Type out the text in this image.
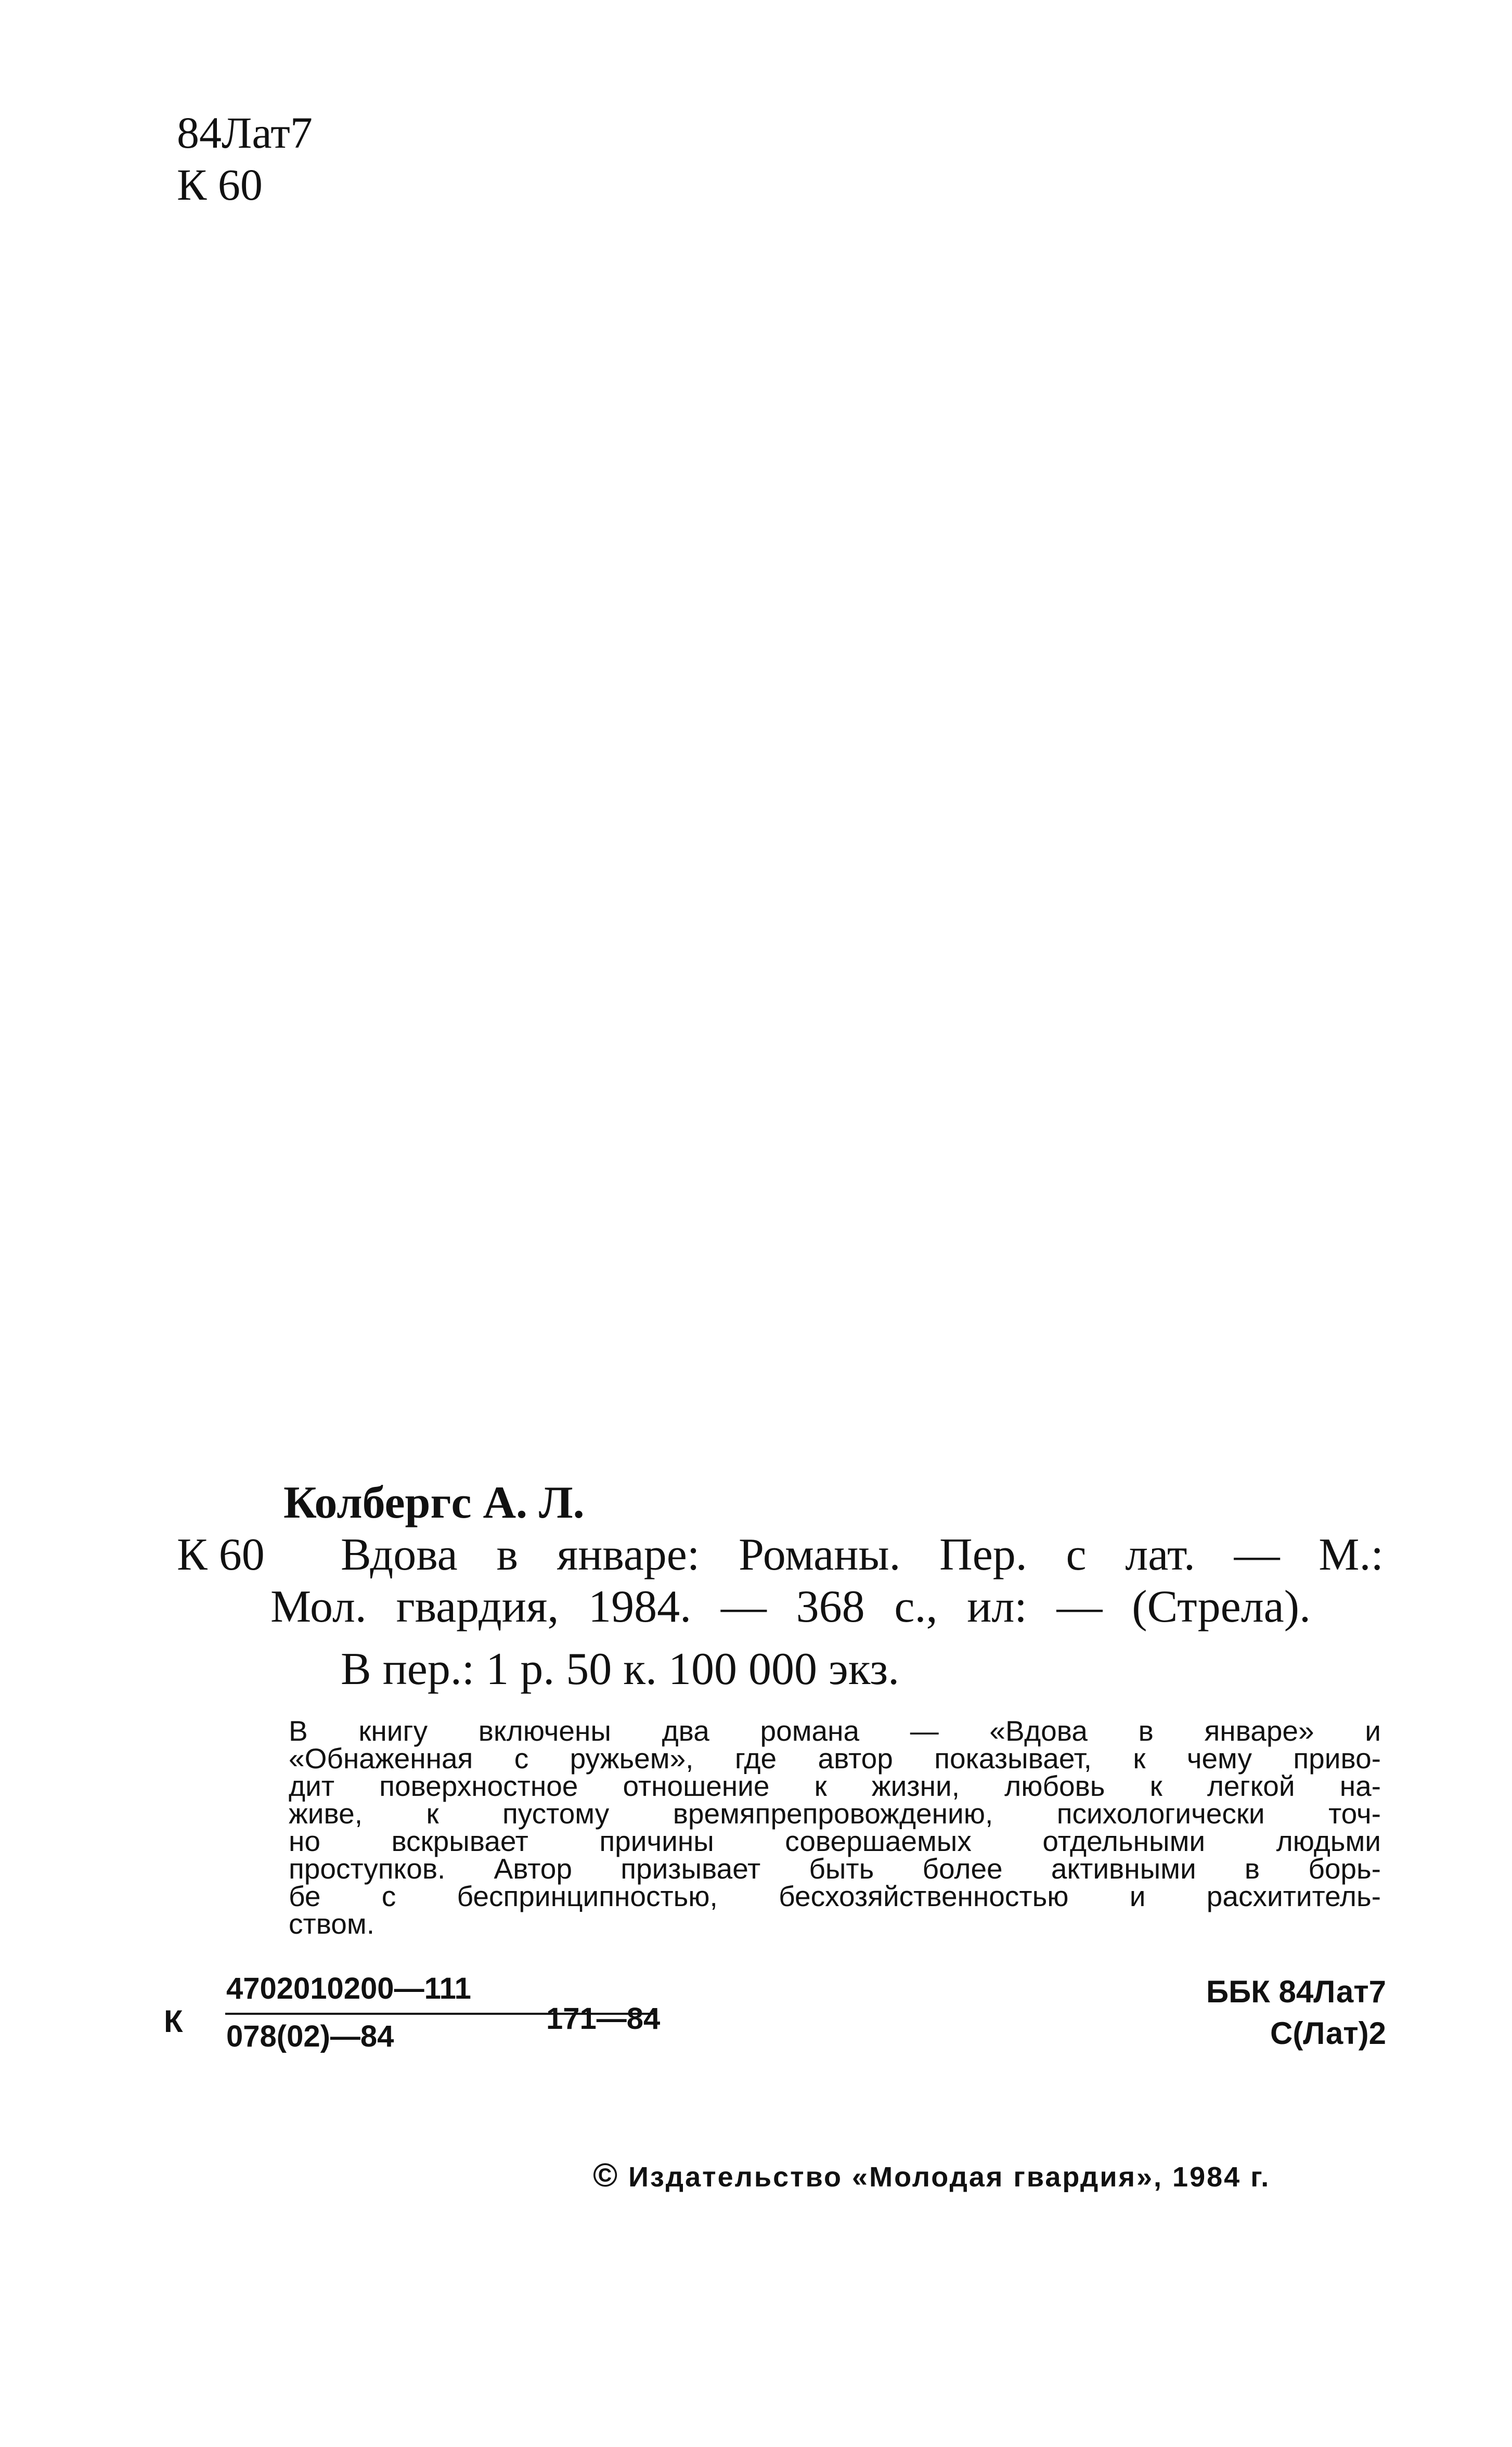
84Лат7
К 60
Колбергс А. Л.
К 60 Вдова в январе: Романы. Пер. с лат. — М.:
Мол. гвардия, 1984. — 368 с., ил: — (Стрела).
В пер.: 1 р. 50 к. 100 000 экз.
В книгу включены два романа — «Вдова в январе» и
«Обнаженная с ружьем», где автор показывает, к чему приво-
дит поверхностное отношение к жизни, любовь к легкой на-
живе, к пустому времяпрепровождению, психологически точ-
но вскрывает причины совершаемых отдельными людьми
проступков. Автор призывает быть более активными в борь-
бе с беспринципностью, бесхозяйственностью и расхититель-
ством.
К
4702010200—111
078(02)—84
171—84
ББК 84Лат7
С(Лат)2
© Издательство «Молодая гвардия», 1984 г.
